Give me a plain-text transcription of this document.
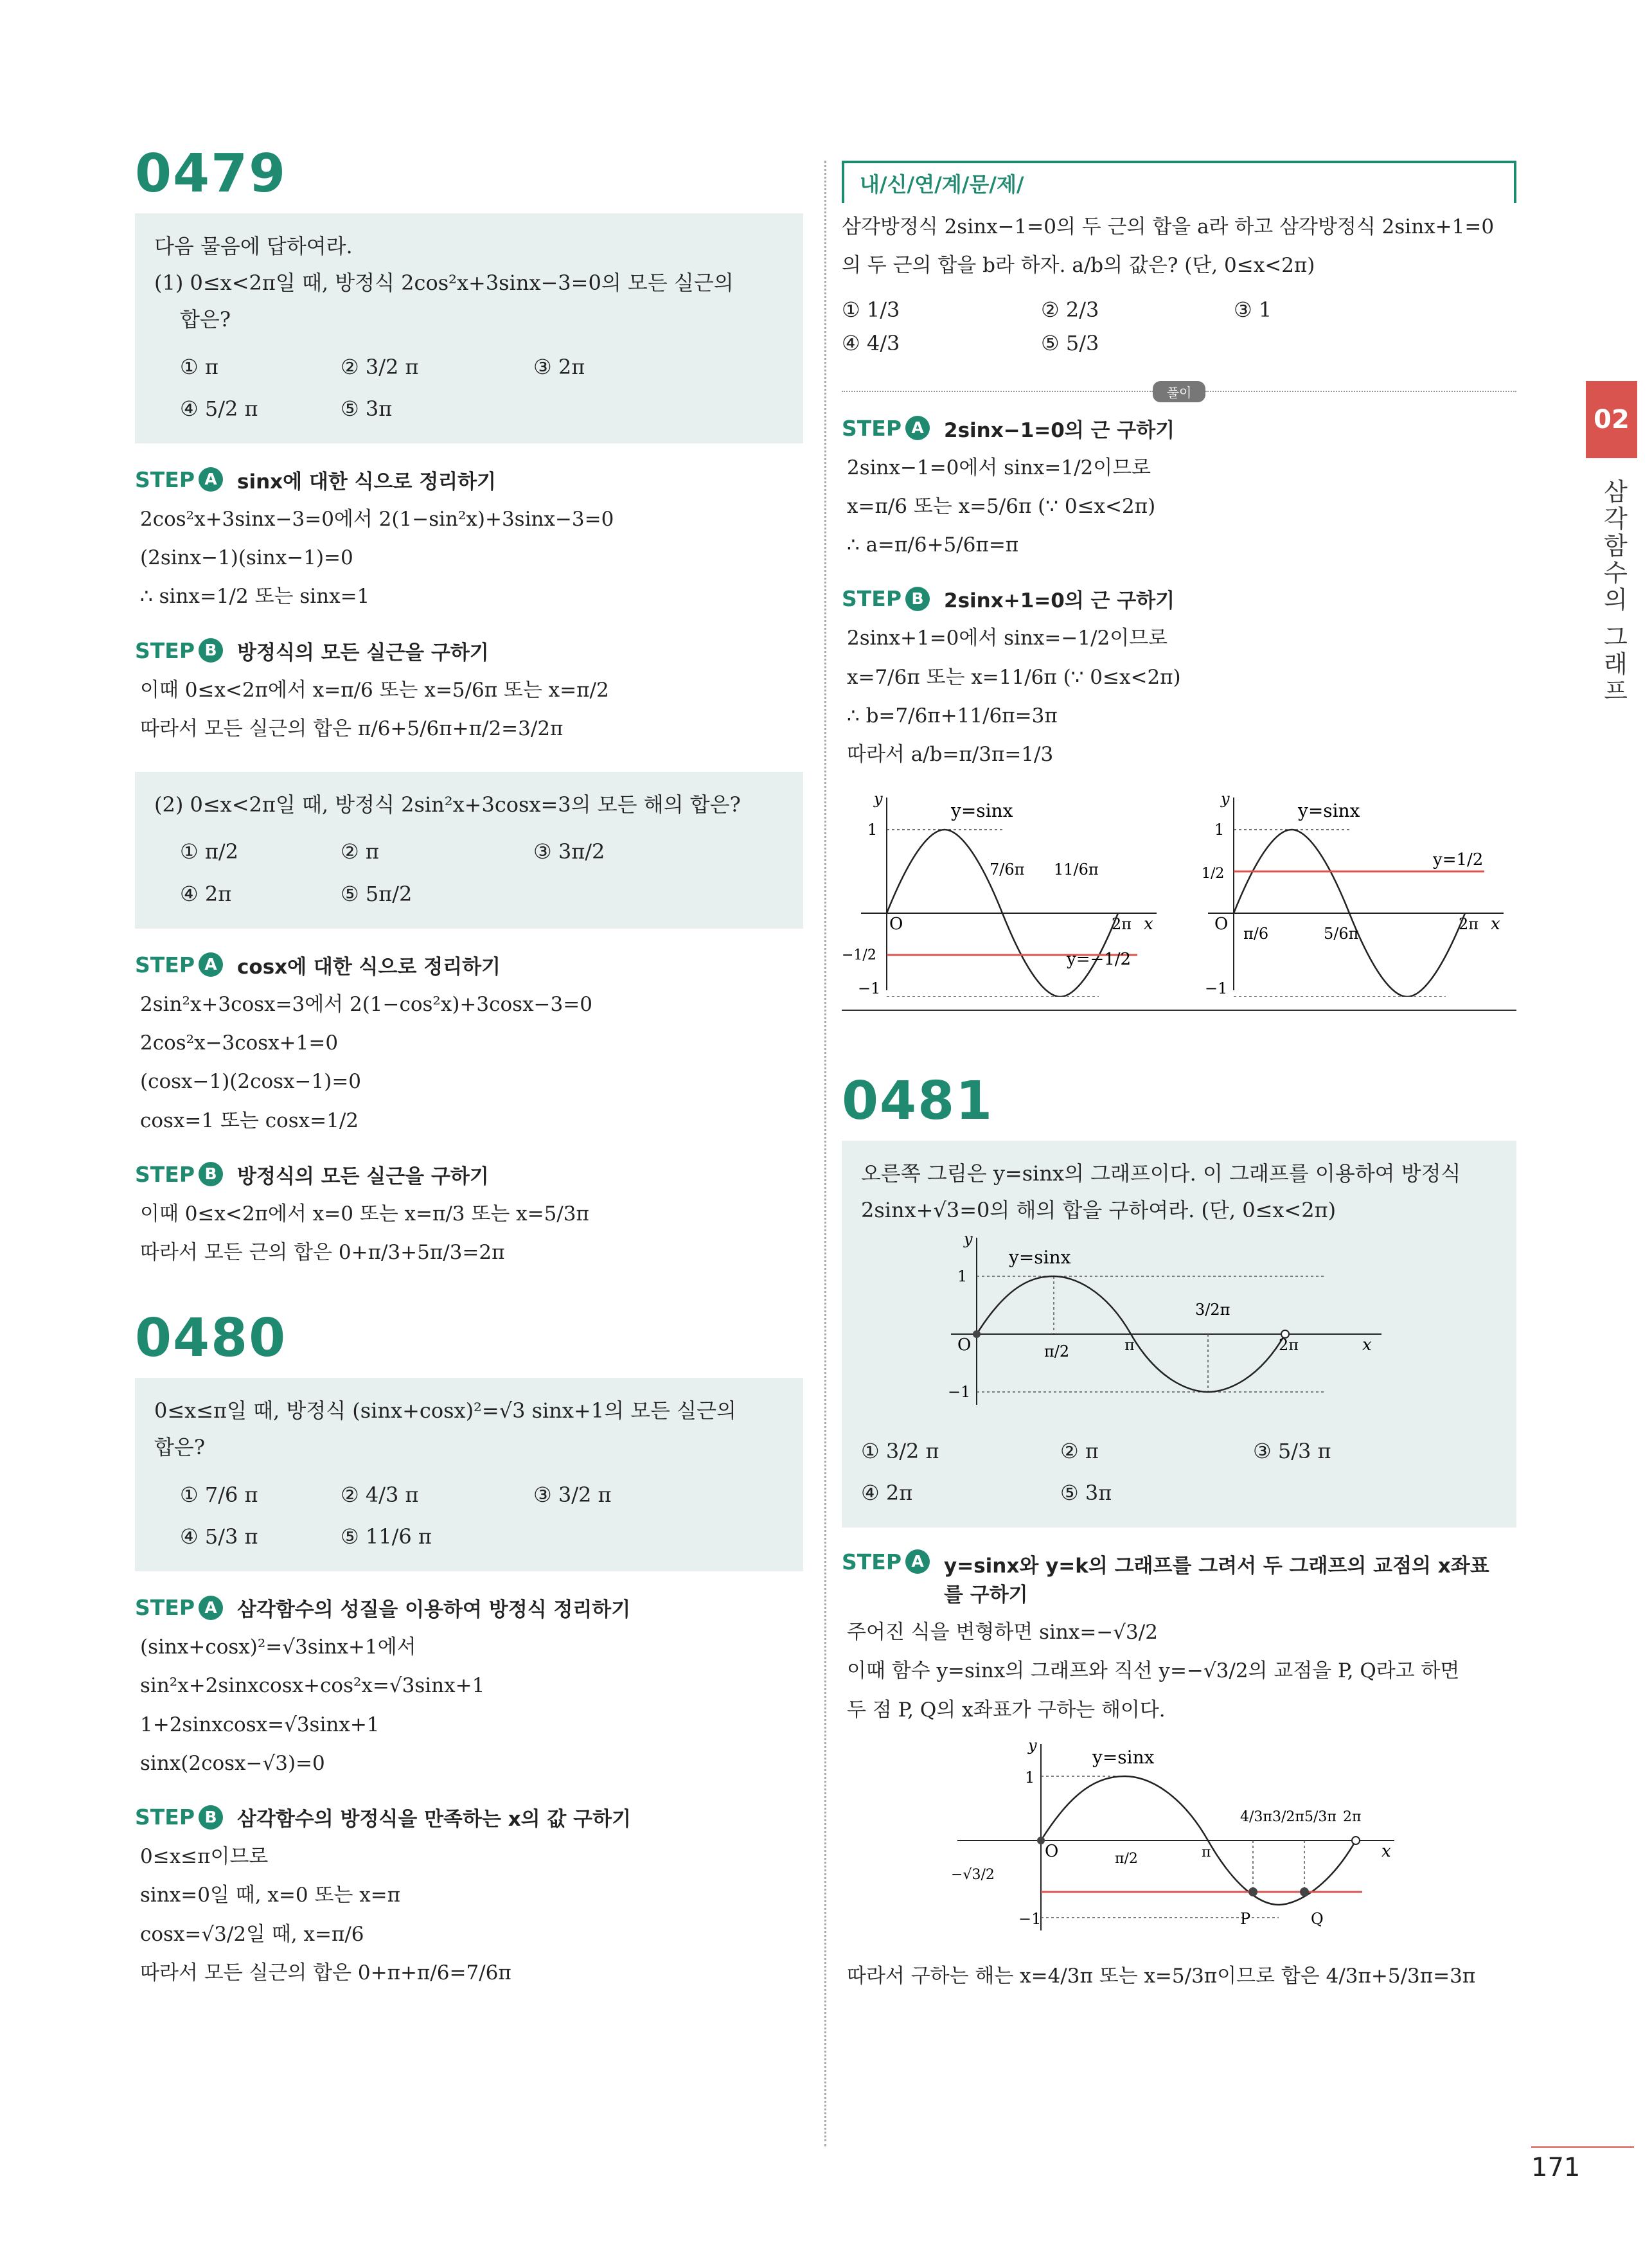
0479
다음 물음에 답하여라.
(1) 0≤x<2π일 때, 방정식 2cos²x+3sinx−3=0의 모든 실근의
합은?
① π	② 3/2 π	③ 2π
④ 5/2 π	⑤ 3π
STEP A	sinx에 대한 식으로 정리하기
2cos²x+3sinx−3=0에서 2(1−sin²x)+3sinx−3=0
(2sinx−1)(sinx−1)=0
∴ sinx=1/2 또는 sinx=1
STEP B	방정식의 모든 실근을 구하기
이때 0≤x<2π에서 x=π/6 또는 x=5/6π 또는 x=π/2
따라서 모든 실근의 합은 π/6+5/6π+π/2=3/2π
(2) 0≤x<2π일 때, 방정식 2sin²x+3cosx=3의 모든 해의 합은?
① π/2	② π	③ 3π/2
④ 2π	⑤ 5π/2
STEP A	cosx에 대한 식으로 정리하기
2sin²x+3cosx=3에서 2(1−cos²x)+3cosx−3=0
2cos²x−3cosx+1=0
(cosx−1)(2cosx−1)=0
cosx=1 또는 cosx=1/2
STEP B	방정식의 모든 실근을 구하기
이때 0≤x<2π에서 x=0 또는 x=π/3 또는 x=5/3π
따라서 모든 근의 합은 0+π/3+5π/3=2π
0480
0≤x≤π일 때, 방정식 (sinx+cosx)²=√3 sinx+1의 모든 실근의
합은?
① 7/6 π	② 4/3 π	③ 3/2 π
④ 5/3 π	⑤ 11/6 π
STEP A	삼각함수의 성질을 이용하여 방정식 정리하기
(sinx+cosx)²=√3sinx+1에서
sin²x+2sinxcosx+cos²x=√3sinx+1
1+2sinxcosx=√3sinx+1
sinx(2cosx−√3)=0
STEP B	삼각함수의 방정식을 만족하는 x의 값 구하기
0≤x≤π이므로
sinx=0일 때, x=0 또는 x=π
cosx=√3/2일 때, x=π/6
따라서 모든 실근의 합은 0+π+π/6=7/6π
내/신/연/계/문/제/
삼각방정식 2sinx−1=0의 두 근의 합을 a라 하고 삼각방정식 2sinx+1=0
의 두 근의 합을 b라 하자. a/b의 값은? (단, 0≤x<2π)
① 1/3	② 2/3	③ 1
④ 4/3	⑤ 5/3
풀이
STEP A	2sinx−1=0의 근 구하기
2sinx−1=0에서 sinx=1/2이므로
x=π/6 또는 x=5/6π (∵ 0≤x<2π)
∴ a=π/6+5/6π=π
STEP B	2sinx+1=0의 근 구하기
2sinx+1=0에서 sinx=−1/2이므로
x=7/6π 또는 x=11/6π (∵ 0≤x<2π)
∴ b=7/6π+11/6π=3π
따라서 a/b=π/3π=1/3
y=sinx
y=−1/2
7/6π 11/6π
2π x
y
O
1
−1/2
−1
y=sinx
y=1/2
π/6	5/6π
2π x
y
O
1
1/2
−1
0481
오른쪽 그림은 y=sinx의 그래프이다. 이 그래프를 이용하여 방정식
2sinx+√3=0의 해의 합을 구하여라. (단, 0≤x<2π)
y=sinx
3/2π
π/2	π	2π	x
y
O
1
−1
① 3/2 π	② π	③ 5/3 π
④ 2π	⑤ 3π
STEP A	y=sinx와 y=k의 그래프를 그려서 두 그래프의 교점의 x좌표
를 구하기
주어진 식을 변형하면 sinx=−√3/2
이때 함수 y=sinx의 그래프와 직선 y=−√3/2의 교점을 P, Q라고 하면
두 점 P, Q의 x좌표가 구하는 해이다.
y=sinx
4/3π 3/2π 5/3π 2π
π/2	π	x
y
O
1
−1
−√3/2
P	Q
따라서 구하는 해는 x=4/3π 또는 x=5/3π이므로 합은 4/3π+5/3π=3π
02
삼각함수의 그래프
171
